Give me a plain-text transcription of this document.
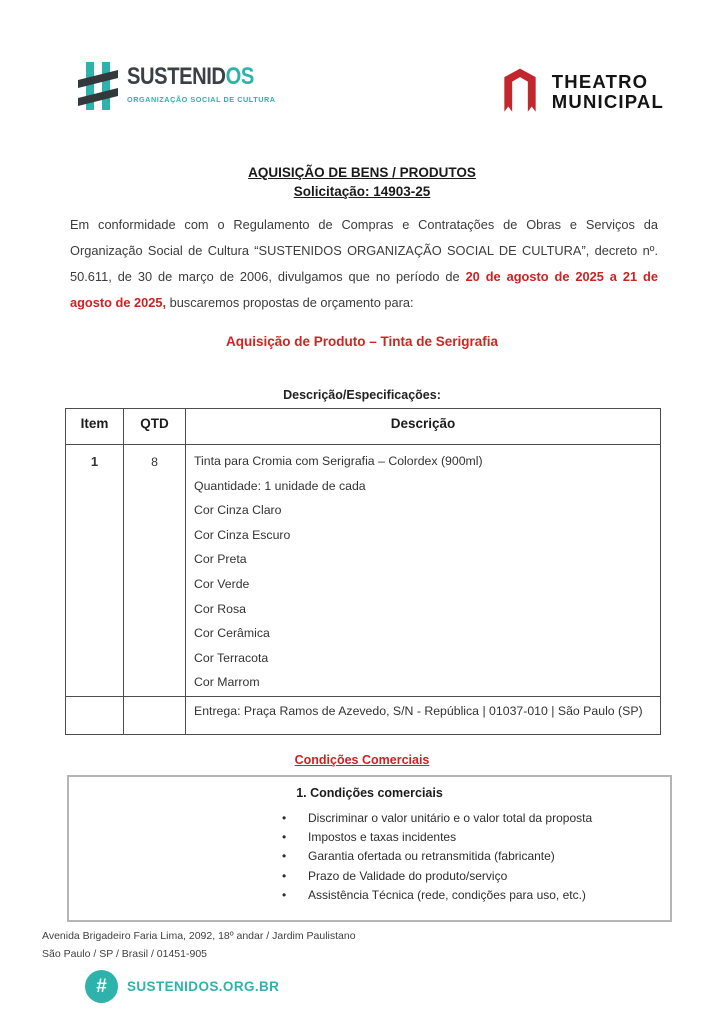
SUSTENIDOS
ORGANIZAÇÃO SOCIAL DE CULTURA
THEATRO
MUNICIPAL
AQUISIÇÃO DE BENS / PRODUTOS
Solicitação: 14903-25

Em conformidade com o Regulamento de Compras e Contratações de Obras e Serviços da Organização Social de Cultura “SUSTENIDOS ORGANIZAÇÃO SOCIAL DE CULTURA”, decreto nº. 50.611, de 30 de março de 2006, divulgamos que no período de 20 de agosto de 2025 a 21 de agosto de 2025, buscaremos propostas de orçamento para:

Aquisição de Produto – Tinta de Serigrafia
Descrição/Especificações:
Item	QTD	Descrição
1	8	Tinta para Cromia com Serigrafia – Colordex (900ml)
Quantidade: 1 unidade de cada
Cor Cinza Claro
Cor Cinza Escuro
Cor Preta
Cor Verde
Cor Rosa
Cor Cerâmica
Cor Terracota
Cor Marrom

		Entrega: Praça Ramos de Azevedo, S/N - República | 01037-010 | São Paulo (SP)
Condições Comerciais
1. Condições comerciais
• Discriminar o valor unitário e o valor total da proposta
• Impostos e taxas incidentes
• Garantia ofertada ou retransmitida (fabricante)
• Prazo de Validade do produto/serviço
• Assistência Técnica (rede, condições para uso, etc.)
Avenida Brigadeiro Faria Lima, 2092, 18º andar / Jardim Paulistano
São Paulo / SP / Brasil / 01451-905
#	SUSTENIDOS.ORG.BR
